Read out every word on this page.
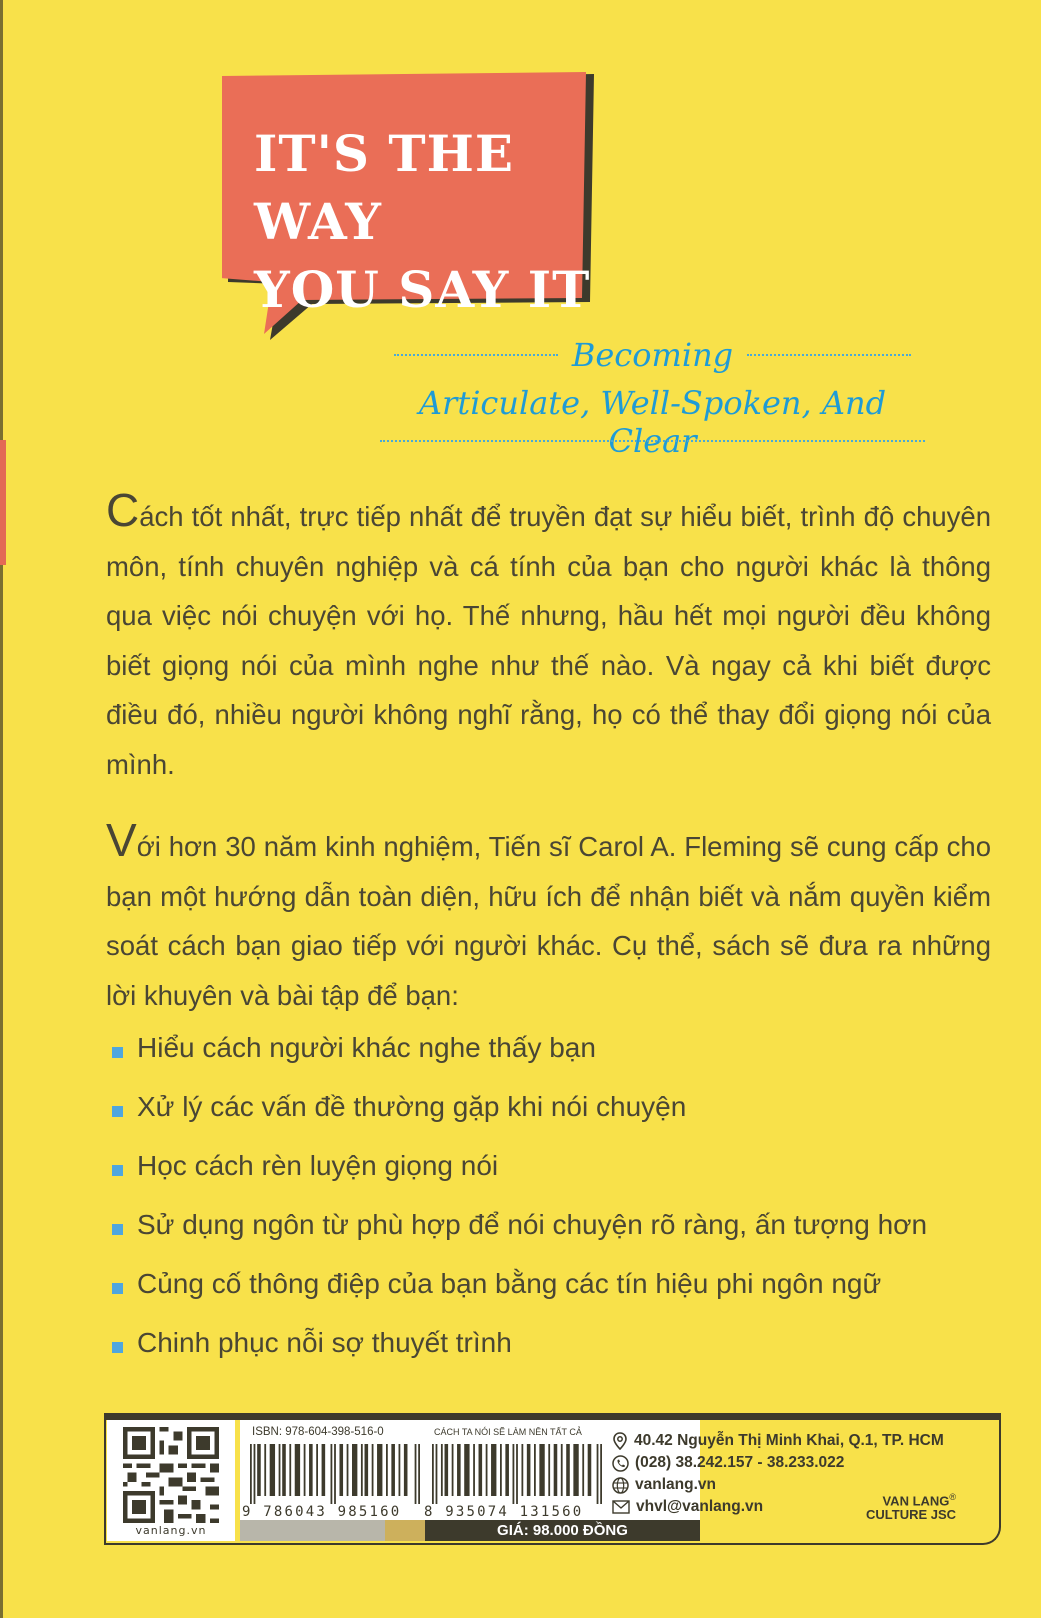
IT'S THE WAY
YOU SAY IT
Becoming
Articulate, Well-Spoken, And Clear
Cách tốt nhất, trực tiếp nhất để truyền đạt sự hiểu biết, trình độ chuyên môn, tính chuyên nghiệp và cá tính của bạn cho người khác là thông qua việc nói chuyện với họ. Thế nhưng, hầu hết mọi người đều không biết giọng nói của mình nghe như thế nào. Và ngay cả khi biết được điều đó, nhiều người không nghĩ rằng, họ có thể thay đổi giọng nói của mình.
Với hơn 30 năm kinh nghiệm, Tiến sĩ Carol A. Fleming sẽ cung cấp cho bạn một hướng dẫn toàn diện, hữu ích để nhận biết và nắm quyền kiểm soát cách bạn giao tiếp với người khác. Cụ thể, sách sẽ đưa ra những lời khuyên và bài tập để bạn:
Hiểu cách người khác nghe thấy bạn
Xử lý các vấn đề thường gặp khi nói chuyện
Học cách rèn luyện giọng nói
Sử dụng ngôn từ phù hợp để nói chuyện rõ ràng, ấn tượng hơn
Củng cố thông điệp của bạn bằng các tín hiệu phi ngôn ngữ
Chinh phục nỗi sợ thuyết trình
vanlang.vn
ISBN: 978-604-398-516-0	CÁCH TA NÓI SẼ LÀM NÊN TẤT CẢ
9 786043 985160 8 935074 131560
GIÁ: 98.000 ĐỒNG
40.42 Nguyễn Thị Minh Khai, Q.1, TP. HCM
(028) 38.242.157 - 38.233.022
vanlang.vn
vhvl@vanlang.vn	VAN LANG®
CULTURE JSC
